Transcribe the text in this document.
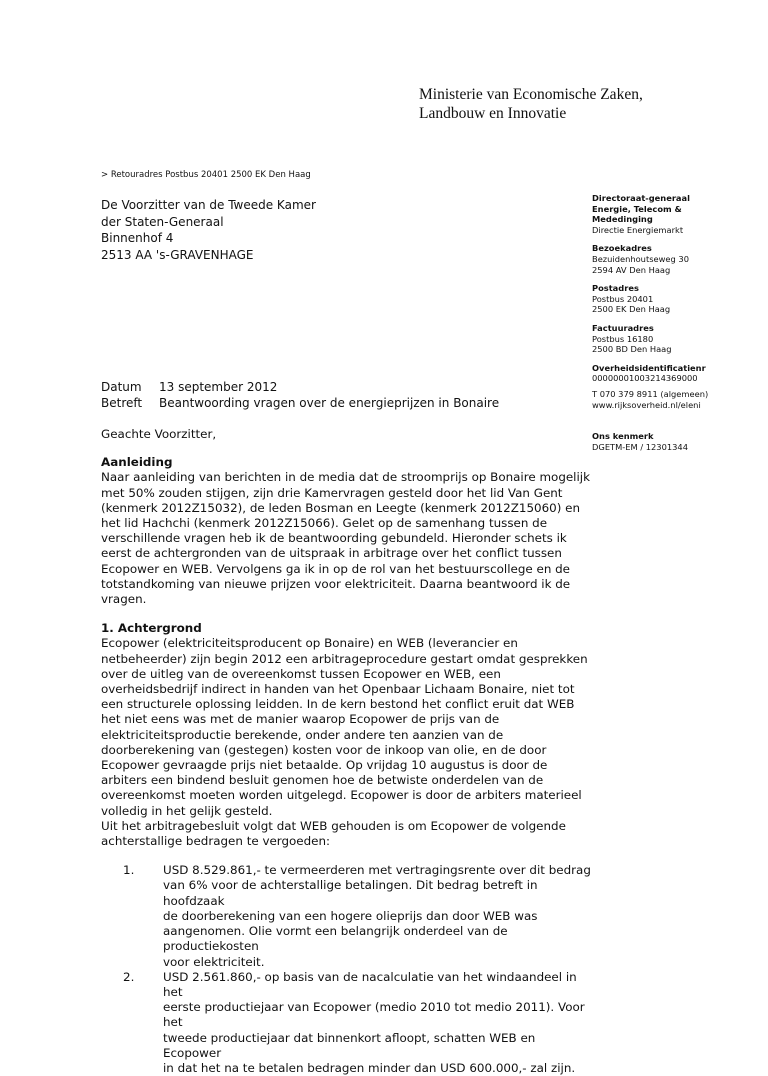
Ministerie van Economische Zaken,
Landbouw en Innovatie
> Retouradres Postbus 20401 2500 EK Den Haag
De Voorzitter van de Tweede Kamer
der Staten-Generaal
Binnenhof 4
2513 AA 's-GRAVENHAGE
Datum	13 september 2012
Betreft	Beantwoording vragen over de energieprijzen in Bonaire
Directoraat-generaal
Energie, Telecom &
Mededinging
Directie Energiemarkt
Bezoekadres
Bezuidenhoutseweg 30
2594 AV Den Haag
Postadres
Postbus 20401
2500 EK Den Haag
Factuuradres
Postbus 16180
2500 BD Den Haag
Overheidsidentificatienr
00000001003214369000
T 070 379 8911 (algemeen)
www.rijksoverheid.nl/eleni
Ons kenmerk
DGETM-EM / 12301344

Geachte Voorzitter,

Aanleiding

Naar aanleiding van berichten in de media dat de stroomprijs op Bonaire mogelijk
met 50% zouden stijgen, zijn drie Kamervragen gesteld door het lid Van Gent
(kenmerk 2012Z15032), de leden Bosman en Leegte (kenmerk 2012Z15060) en
het lid Hachchi (kenmerk 2012Z15066). Gelet op de samenhang tussen de
verschillende vragen heb ik de beantwoording gebundeld. Hieronder schets ik
eerst de achtergronden van de uitspraak in arbitrage over het conflict tussen
Ecopower en WEB. Vervolgens ga ik in op de rol van het bestuurscollege en de
totstandkoming van nieuwe prijzen voor elektriciteit. Daarna beantwoord ik de
vragen.

1. Achtergrond

Ecopower (elektriciteitsproducent op Bonaire) en WEB (leverancier en
netbeheerder) zijn begin 2012 een arbitrageprocedure gestart omdat gesprekken
over de uitleg van de overeenkomst tussen Ecopower en WEB, een
overheidsbedrijf indirect in handen van het Openbaar Lichaam Bonaire, niet tot
een structurele oplossing leidden. In de kern bestond het conflict eruit dat WEB
het niet eens was met de manier waarop Ecopower de prijs van de
elektriciteitsproductie berekende, onder andere ten aanzien van de
doorberekening van (gestegen) kosten voor de inkoop van olie, en de door
Ecopower gevraagde prijs niet betaalde. Op vrijdag 10 augustus is door de
arbiters een bindend besluit genomen hoe de betwiste onderdelen van de
overeenkomst moeten worden uitgelegd. Ecopower is door de arbiters materieel
volledig in het gelijk gesteld.
Uit het arbitragebesluit volgt dat WEB gehouden is om Ecopower de volgende
achterstallige bedragen te vergoeden:
1.	USD 8.529.861,- te vermeerderen met vertragingsrente over dit bedrag
van 6% voor de achterstallige betalingen. Dit bedrag betreft in hoofdzaak
de doorberekening van een hogere olieprijs dan door WEB was
aangenomen. Olie vormt een belangrijk onderdeel van de productiekosten
voor elektriciteit.
2.	USD 2.561.860,- op basis van de nacalculatie van het windaandeel in het
eerste productiejaar van Ecopower (medio 2010 tot medio 2011). Voor het
tweede productiejaar dat binnenkort afloopt, schatten WEB en Ecopower
in dat het na te betalen bedragen minder dan USD 600.000,- zal zijn.
